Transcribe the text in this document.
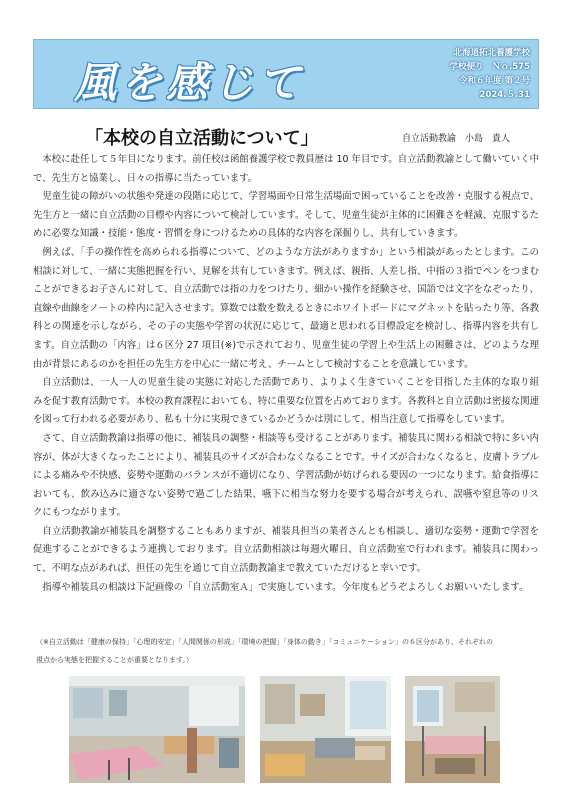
風を感じて
北海道拓北養護学校
学校便り　Ｎｏ.575
令和６年度 第２号
2024.５.31
「本校の自立活動について」	自立活動教諭　小島　貴人

本校に赴任して５年目になります。前任校は函館養護学校で教員歴は 10 年目です。自立活動教諭として働いていく中で、先生方と協業し、日々の指導に当たっています。

児童生徒の障がいの状態や発達の段階に応じて、学習場面や日常生活場面で困っていることを改善・克服する視点で、先生方と一緒に自立活動の目標や内容について検討しています。そして、児童生徒が主体的に困難さを軽減、克服するために必要な知識・技能・態度・習慣を身につけるための具体的な内容を深掘りし、共有していきます。

例えば、「手の操作性を高められる指導について、どのような方法がありますか」という相談があったとします。この相談に対して、一緒に実態把握を行い、見解を共有していきます。例えば、親指、人差し指、中指の３指でペンをつまむことができるお子さんに対して、自立活動では指の力をつけたり、細かい操作を経験させ、国語では文字をなぞったり、直線や曲線をノートの枠内に記入させます。算数では数を数えるときにホワイトボードにマグネットを貼ったり等、各教科との関連を示しながら、その子の実態や学習の状況に応じて、最適と思われる目標設定を検討し、指導内容を共有します。自立活動の「内容」は６区分 27 項目(※)で示されており、児童生徒の学習上や生活上の困難さは、どのような理由が背景にあるのかを担任の先生方を中心に一緒に考え、チームとして検討することを意識しています。

自立活動は、一人一人の児童生徒の実態に対応した活動であり、よりよく生きていくことを目指した主体的な取り組みを促す教育活動です。本校の教育課程においても、特に重要な位置を占めております。各教科と自立活動は密接な関連を図って行われる必要があり、私も十分に実現できているかどうかは別にして、相当注意して指導をしています。

さて、自立活動教諭は指導の他に、補装具の調整・相談等も受けることがあります。補装具に関わる相談で特に多い内容が、体が大きくなったことにより、補装具のサイズが合わなくなることです。サイズが合わなくなると、皮膚トラブルによる痛みや不快感、姿勢や運動のバランスが不適切になり、学習活動が妨げられる要因の一つになります。給食指導においても、飲み込みに適さない姿勢で過ごした結果、嚥下に相当な努力を要する場合が考えられ、誤嚥や窒息等のリスクにもつながります。

自立活動教諭が補装具を調整することもありますが、補装具担当の業者さんとも相談し、適切な姿勢・運動で学習を促進することができるよう連携しております。自立活動相談は毎週火曜日、自立活動室で行われます。補装具に関わって、不明な点があれば、担任の先生を通じて自立活動教諭まで教えていただけると幸いです。

指導や補装具の相談は下記画像の「自立活動室Ａ」で実施しています。今年度もどうぞよろしくお願いいたします。

（※自立活動は「健康の保持」「心理的安定」「人間関係の形成」「環境の把握」「身体の動き」「コミュニケーション」の６区分があり、それぞれの
視点から実態を把握することが重要となります。）
